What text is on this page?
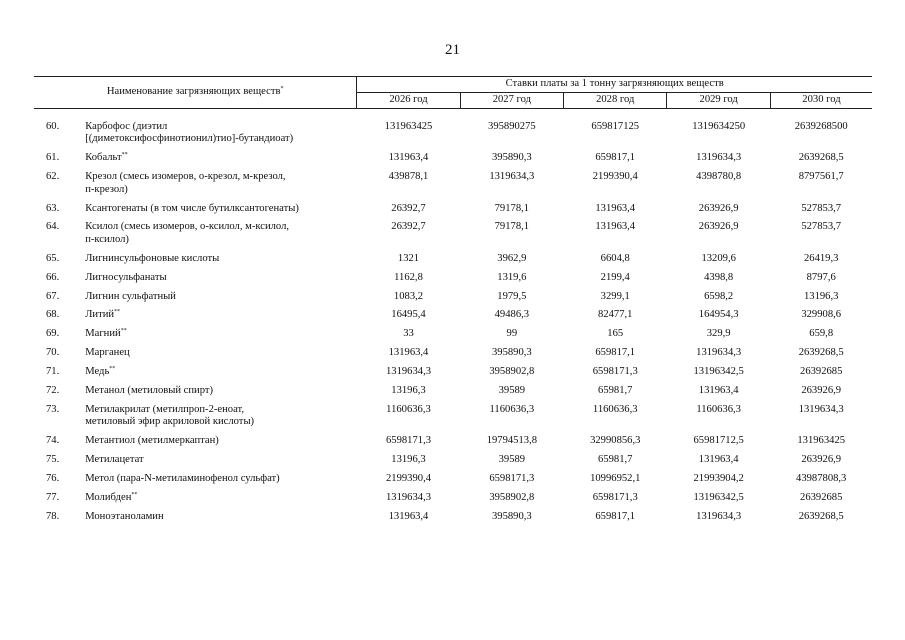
21
Наименование загрязняющих веществ*		Ставки платы за 1 тонну загрязняющих веществ				
		2026 год	2027 год	2028 год	2029 год	2030 год

60.	Карбофос (диэтил
[(диметоксифосфинотионил)тио]-бутандиоат)	131963425	395890275	659817125	1319634250	2639268500
61.	Кобальт**	131963,4	395890,3	659817,1	1319634,3	2639268,5
62.	Крезол (смесь изомеров, о-крезол, м-крезол,
п-крезол)	439878,1	1319634,3	2199390,4	4398780,8	8797561,7
63.	Ксантогенаты (в том числе бутилксантогенаты)	26392,7	79178,1	131963,4	263926,9	527853,7
64.	Ксилол (смесь изомеров, о-ксилол, м-ксилол,
п-ксилол)	26392,7	79178,1	131963,4	263926,9	527853,7
65.	Лигнинсульфоновые кислоты	1321	3962,9	6604,8	13209,6	26419,3
66.	Лигносульфанаты	1162,8	1319,6	2199,4	4398,8	8797,6
67.	Лигнин сульфатный	1083,2	1979,5	3299,1	6598,2	13196,3
68.	Литий**	16495,4	49486,3	82477,1	164954,3	329908,6
69.	Магний**	33	99	165	329,9	659,8
70.	Марганец	131963,4	395890,3	659817,1	1319634,3	2639268,5
71.	Медь**	1319634,3	3958902,8	6598171,3	13196342,5	26392685
72.	Метанол (метиловый спирт)	13196,3	39589	65981,7	131963,4	263926,9
73.	Метилакрилат (метилпроп-2-еноат,
метиловый эфир акриловой кислоты)	1160636,3	1160636,3	1160636,3	1160636,3	1319634,3
74.	Метантиол (метилмеркаптан)	6598171,3	19794513,8	32990856,3	65981712,5	131963425
75.	Метилацетат	13196,3	39589	65981,7	131963,4	263926,9
76.	Метол (пара-N-метиламинофенол сульфат)	2199390,4	6598171,3	10996952,1	21993904,2	43987808,3
77.	Молибден**	1319634,3	3958902,8	6598171,3	13196342,5	26392685
78.	Моноэтаноламин	131963,4	395890,3	659817,1	1319634,3	2639268,5
